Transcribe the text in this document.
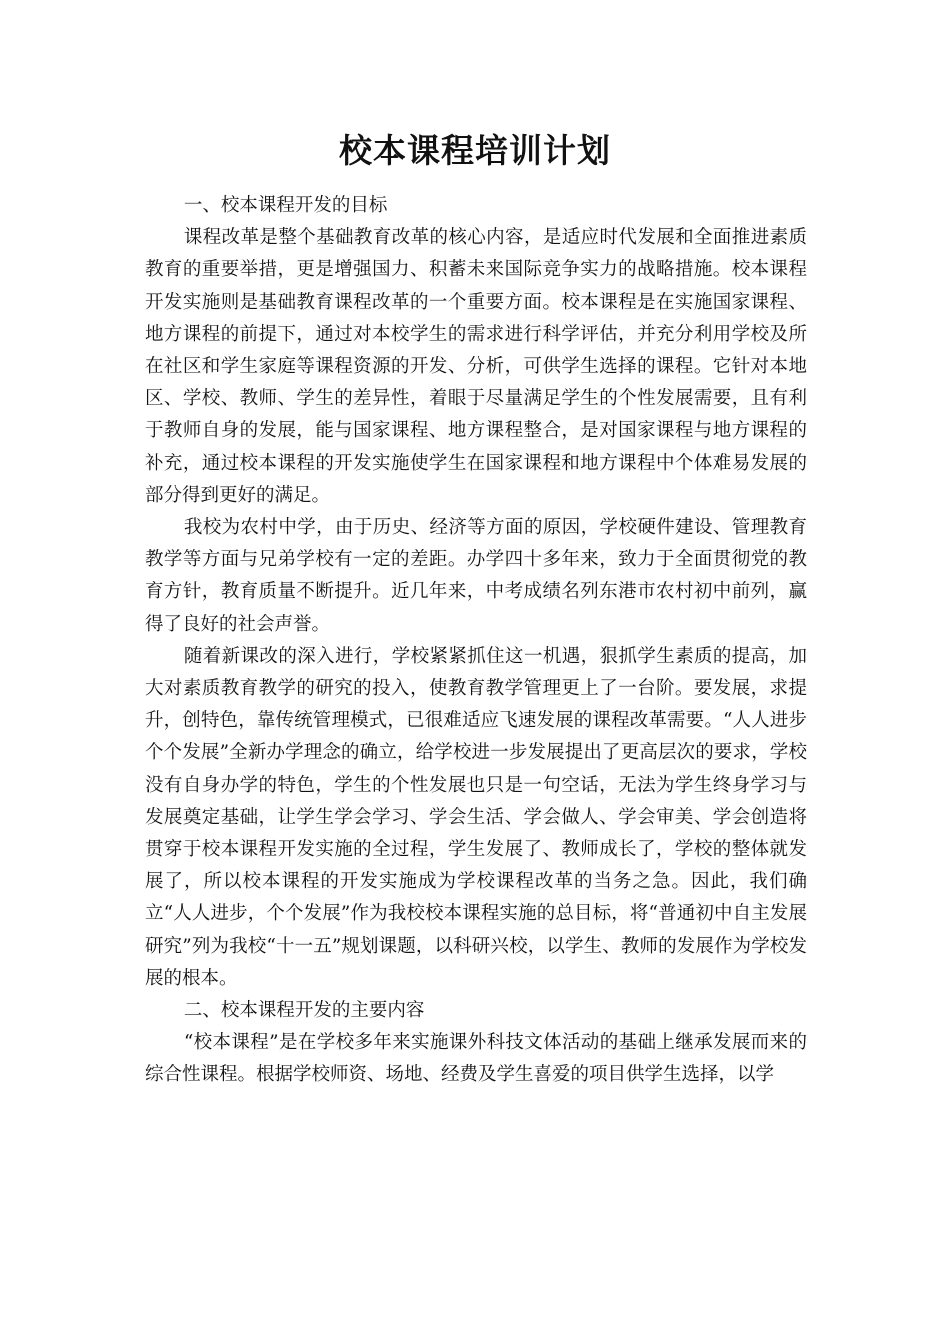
校本课程培训计划
一、校本课程开发的目标

课程改革是整个基础教育改革的核心内容，是适应时代发展和全面推进素质教育的重要举措，更是增强国力、积蓄未来国际竞争实力的战略措施。校本课程开发实施则是基础教育课程改革的一个重要方面。校本课程是在实施国家课程、地方课程的前提下，通过对本校学生的需求进行科学评估，并充分利用学校及所在社区和学生家庭等课程资源的开发、分析，可供学生选择的课程。它针对本地区、学校、教师、学生的差异性，着眼于尽量满足学生的个性发展需要，且有利于教师自身的发展，能与国家课程、地方课程整合，是对国家课程与地方课程的补充，通过校本课程的开发实施使学生在国家课程和地方课程中个体难易发展的部分得到更好的满足。

我校为农村中学，由于历史、经济等方面的原因，学校硬件建设、管理教育教学等方面与兄弟学校有一定的差距。办学四十多年来，致力于全面贯彻党的教育方针，教育质量不断提升。近几年来，中考成绩名列东港市农村初中前列，赢得了良好的社会声誉。

随着新课改的深入进行，学校紧紧抓住这一机遇，狠抓学生素质的提高，加大对素质教育教学的研究的投入，使教育教学管理更上了一台阶。要发展，求提升，创特色，靠传统管理模式，已很难适应飞速发展的课程改革需要。“人人进步个个发展”全新办学理念的确立，给学校进一步发展提出了更高层次的要求，学校没有自身办学的特色，学生的个性发展也只是一句空话，无法为学生终身学习与发展奠定基础，让学生学会学习、学会生活、学会做人、学会审美、学会创造将贯穿于校本课程开发实施的全过程，学生发展了、教师成长了，学校的整体就发展了，所以校本课程的开发实施成为学校课程改革的当务之急。因此，我们确立“人人进步，个个发展”作为我校校本课程实施的总目标，将“普通初中自主发展研究”列为我校“十一五”规划课题，以科研兴校，以学生、教师的发展作为学校发展的根本。

二、校本课程开发的主要内容

“校本课程”是在学校多年来实施课外科技文体活动的基础上继承发展而来的综合性课程。根据学校师资、场地、经费及学生喜爱的项目供学生选择，以学
